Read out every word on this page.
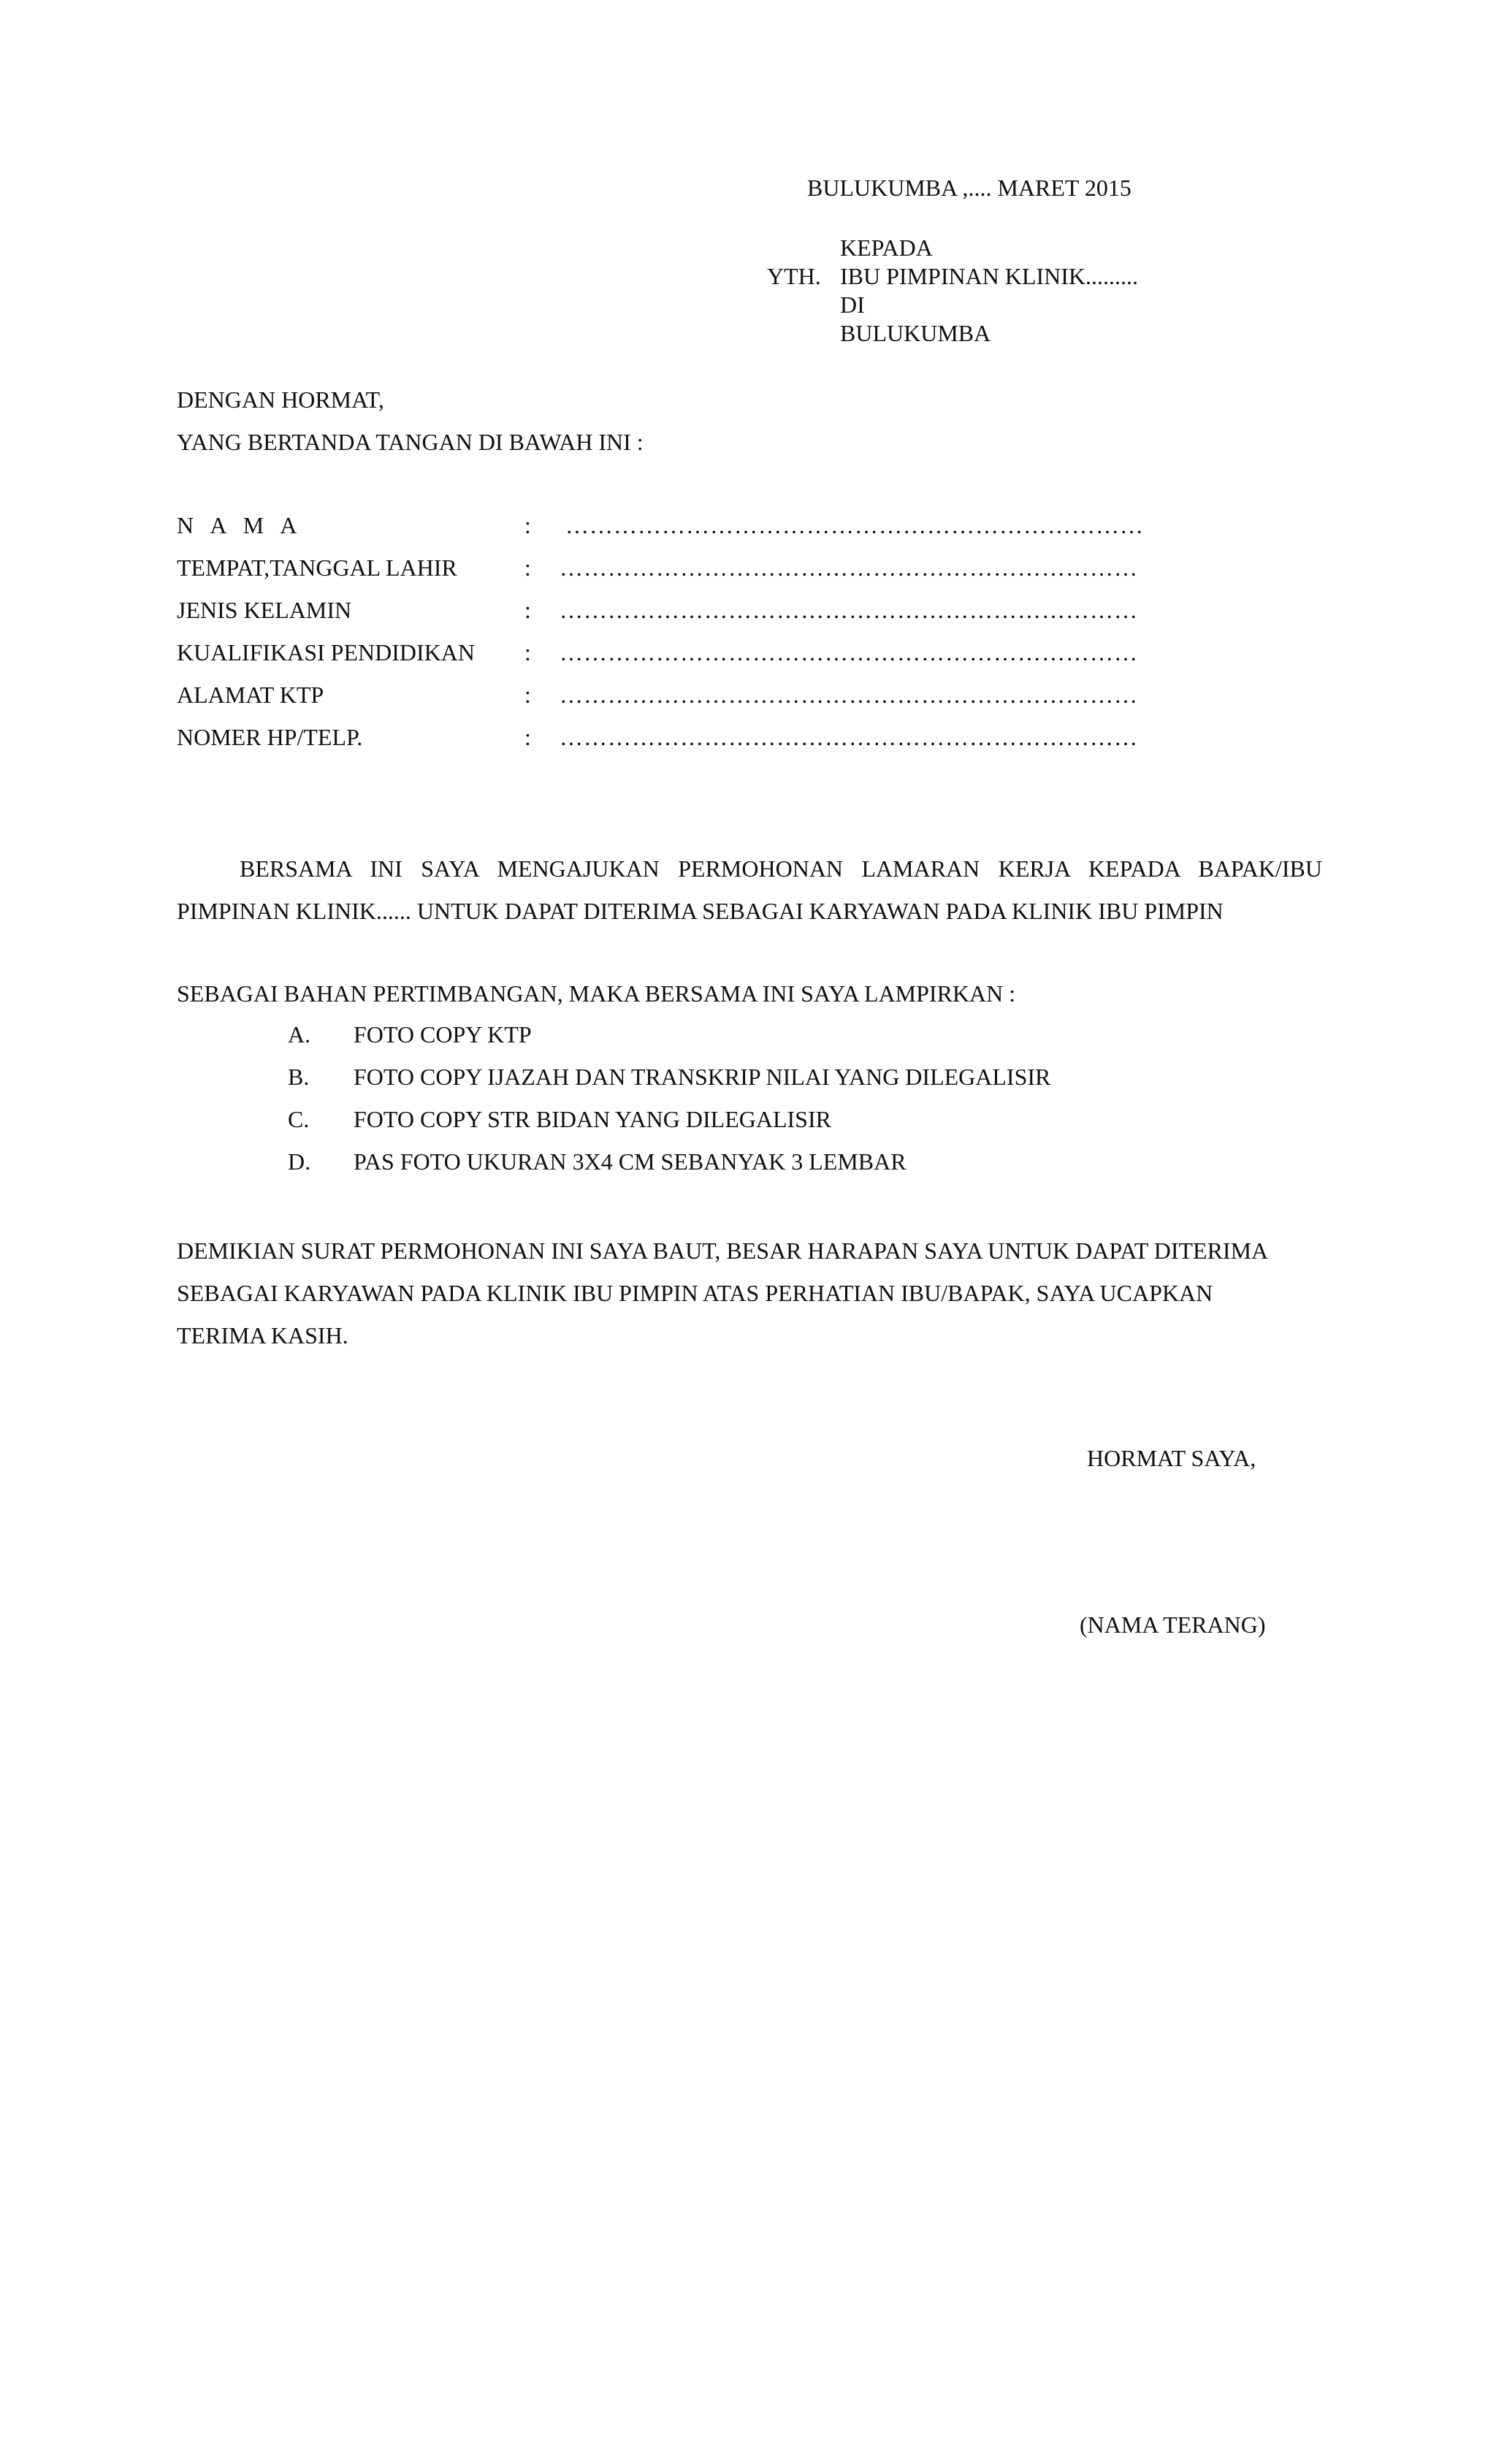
BULUKUMBA ,.... MARET 2015
YTH.
KEPADA
IBU PIMPINAN KLINIK.........
DI
BULUKUMBA
DENGAN HORMAT,
YANG BERTANDA TANGAN DI BAWAH INI :
N A M A	: ………………………………………………………………
TEMPAT,TANGGAL LAHIR	: ………………………………………………………………
JENIS KELAMIN	: ………………………………………………………………
KUALIFIKASI PENDIDIKAN : ………………………………………………………………
ALAMAT KTP	: ………………………………………………………………
NOMER HP/TELP.	: ………………………………………………………………
BERSAMA INI SAYA MENGAJUKAN PERMOHONAN LAMARAN KERJA KEPADA BAPAK/IBU PIMPINAN KLINIK...... UNTUK DAPAT DITERIMA SEBAGAI KARYAWAN PADA KLINIK IBU PIMPIN
SEBAGAI BAHAN PERTIMBANGAN, MAKA BERSAMA INI SAYA LAMPIRKAN :
A. FOTO COPY KTP
B. FOTO COPY IJAZAH DAN TRANSKRIP NILAI YANG DILEGALISIR
C. FOTO COPY STR BIDAN YANG DILEGALISIR
D. PAS FOTO UKURAN 3X4 CM SEBANYAK 3 LEMBAR
DEMIKIAN SURAT PERMOHONAN INI SAYA BAUT, BESAR HARAPAN SAYA UNTUK DAPAT DITERIMA SEBAGAI KARYAWAN PADA KLINIK IBU PIMPIN ATAS PERHATIAN IBU/BAPAK, SAYA UCAPKAN TERIMA KASIH.
HORMAT SAYA,
(NAMA TERANG)
